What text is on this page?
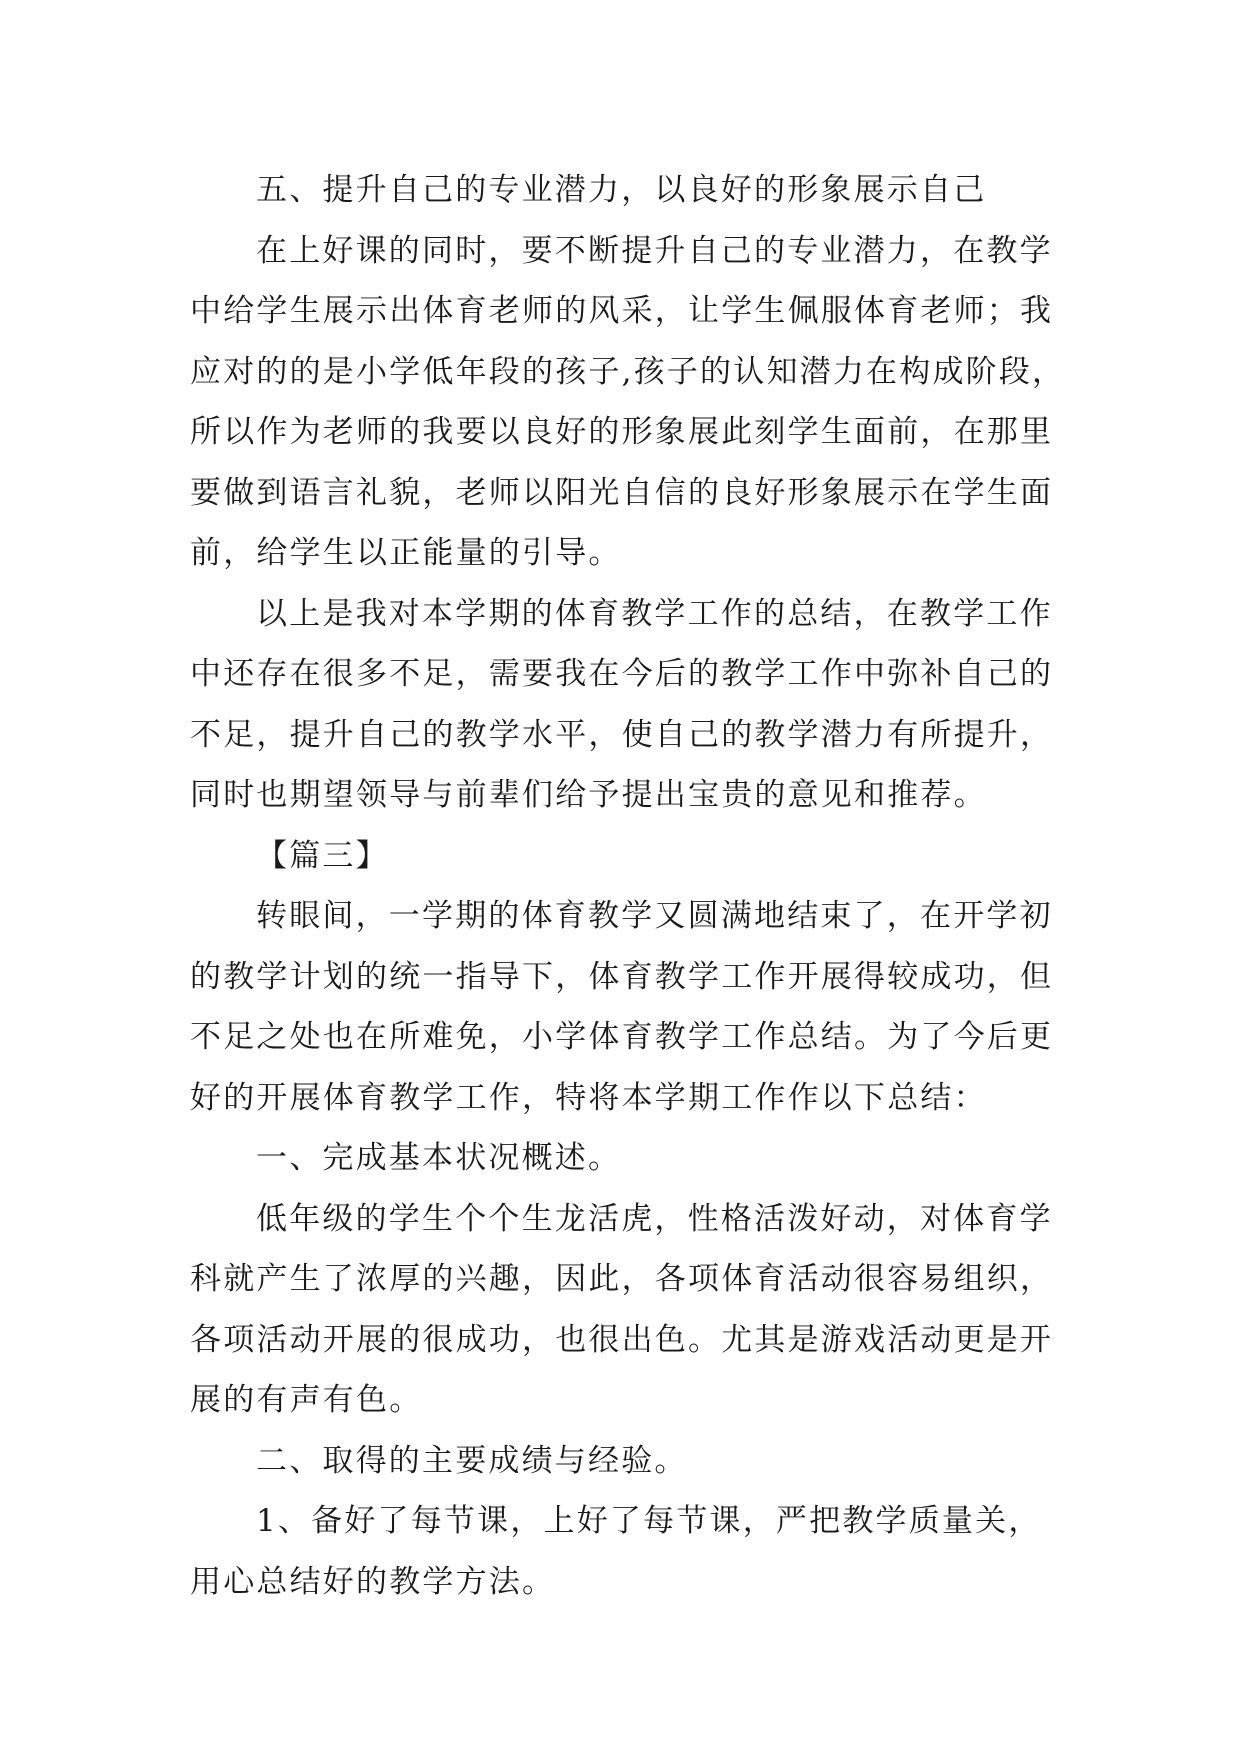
五、提升自己的专业潜力，以良好的形象展示自己
在上好课的同时，要不断提升自己的专业潜力，在教学
中给学生展示出体育老师的风采，让学生佩服体育老师；我
应对的的是小学低年段的孩子,孩子的认知潜力在构成阶段，
所以作为老师的我要以良好的形象展此刻学生面前，在那里
要做到语言礼貌，老师以阳光自信的良好形象展示在学生面
前，给学生以正能量的引导。
以上是我对本学期的体育教学工作的总结，在教学工作
中还存在很多不足，需要我在今后的教学工作中弥补自己的
不足，提升自己的教学水平，使自己的教学潜力有所提升，
同时也期望领导与前辈们给予提出宝贵的意见和推荐。
【篇三】
转眼间，一学期的体育教学又圆满地结束了，在开学初
的教学计划的统一指导下，体育教学工作开展得较成功，但
不足之处也在所难免，小学体育教学工作总结。为了今后更
好的开展体育教学工作，特将本学期工作作以下总结：
一、完成基本状况概述。
低年级的学生个个生龙活虎，性格活泼好动，对体育学
科就产生了浓厚的兴趣，因此，各项体育活动很容易组织，
各项活动开展的很成功，也很出色。尤其是游戏活动更是开
展的有声有色。
二、取得的主要成绩与经验。
1、备好了每节课，上好了每节课，严把教学质量关，
用心总结好的教学方法。
